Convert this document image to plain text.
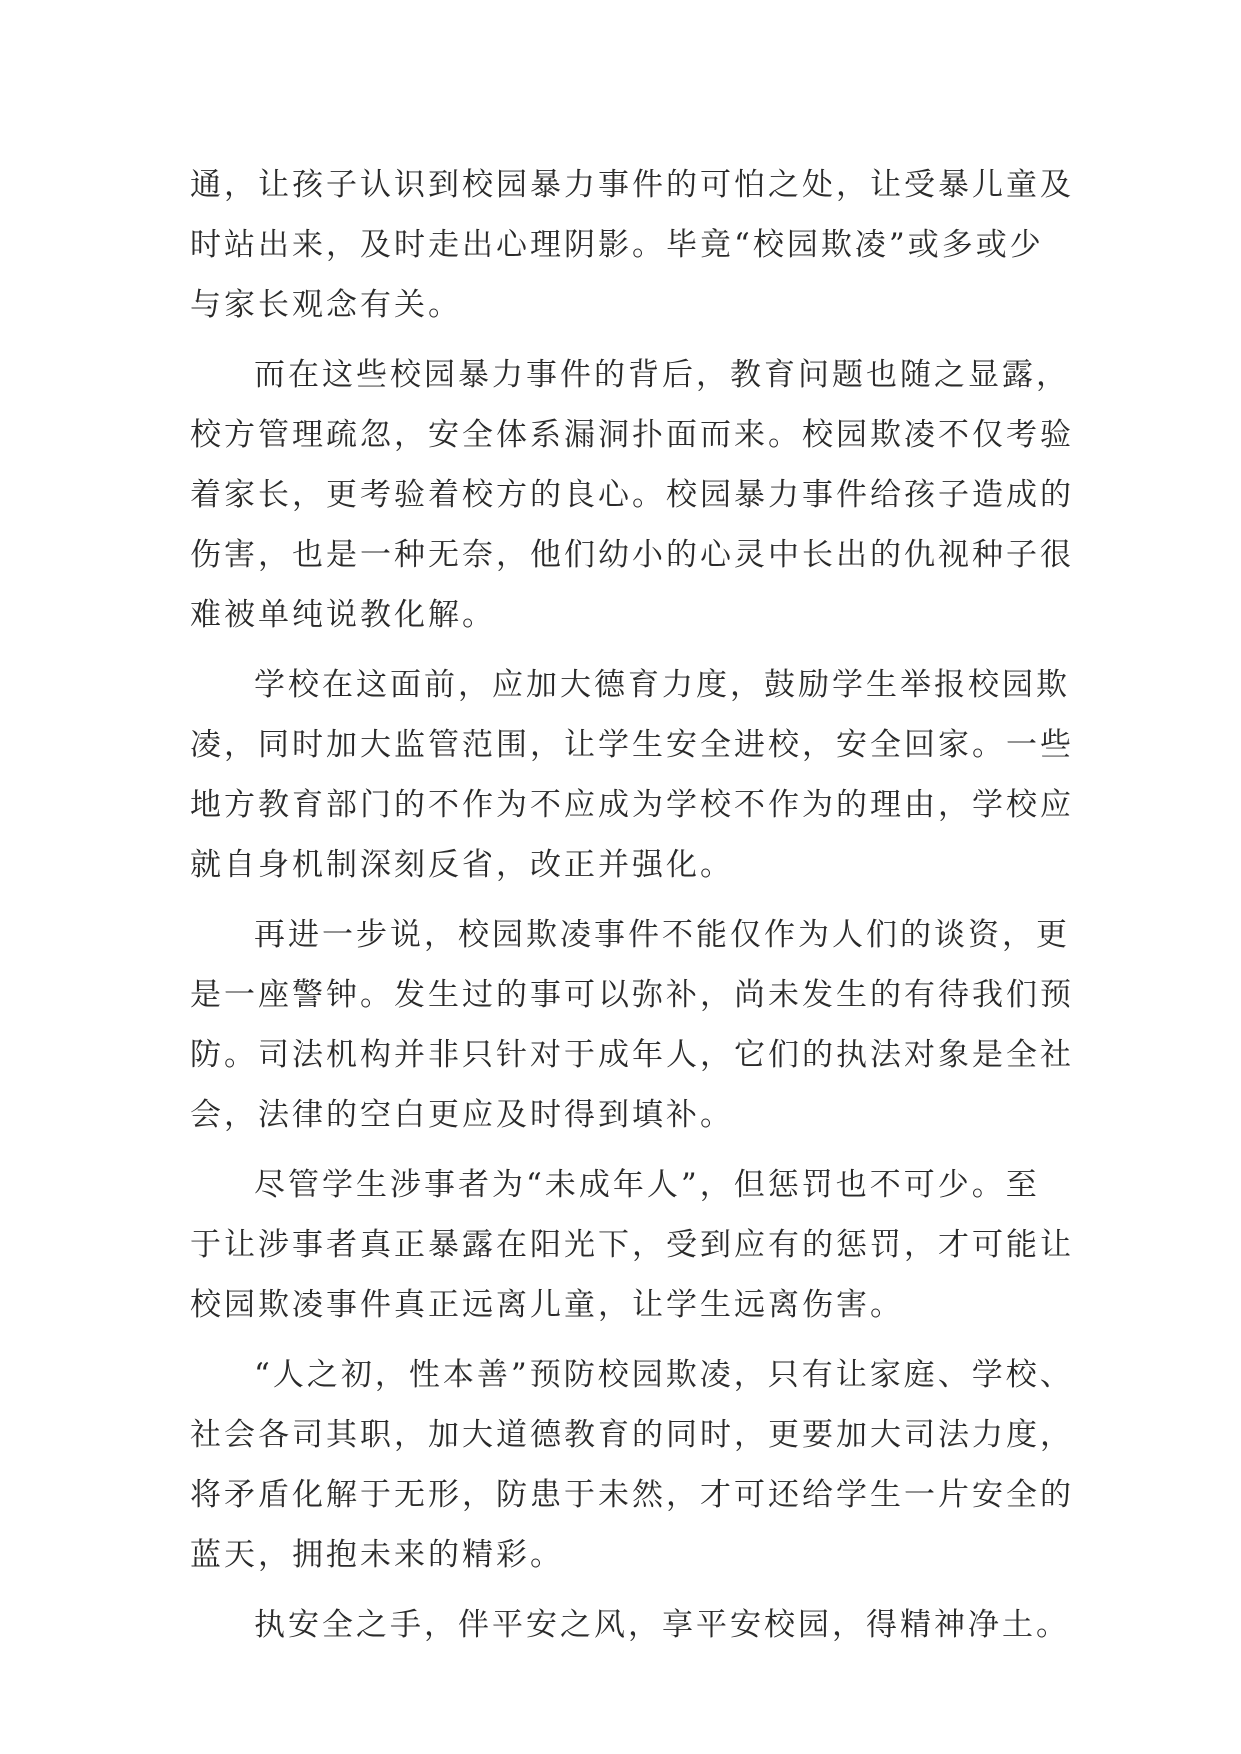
通，让孩子认识到校园暴力事件的可怕之处，让受暴儿童及
时站出来，及时走出心理阴影。毕竟“校园欺凌”或多或少
与家长观念有关。

而在这些校园暴力事件的背后，教育问题也随之显露，
校方管理疏忽，安全体系漏洞扑面而来。校园欺凌不仅考验
着家长，更考验着校方的良心。校园暴力事件给孩子造成的
伤害，也是一种无奈，他们幼小的心灵中长出的仇视种子很
难被单纯说教化解。

学校在这面前，应加大德育力度，鼓励学生举报校园欺
凌，同时加大监管范围，让学生安全进校，安全回家。一些
地方教育部门的不作为不应成为学校不作为的理由，学校应
就自身机制深刻反省，改正并强化。

再进一步说，校园欺凌事件不能仅作为人们的谈资，更
是一座警钟。发生过的事可以弥补，尚未发生的有待我们预
防。司法机构并非只针对于成年人，它们的执法对象是全社
会，法律的空白更应及时得到填补。

尽管学生涉事者为“未成年人”，但惩罚也不可少。至
于让涉事者真正暴露在阳光下，受到应有的惩罚，才可能让
校园欺凌事件真正远离儿童，让学生远离伤害。

“人之初，性本善”预防校园欺凌，只有让家庭、学校、
社会各司其职，加大道德教育的同时，更要加大司法力度，
将矛盾化解于无形，防患于未然，才可还给学生一片安全的
蓝天，拥抱未来的精彩。

执安全之手，伴平安之风，享平安校园，得精神净土。
